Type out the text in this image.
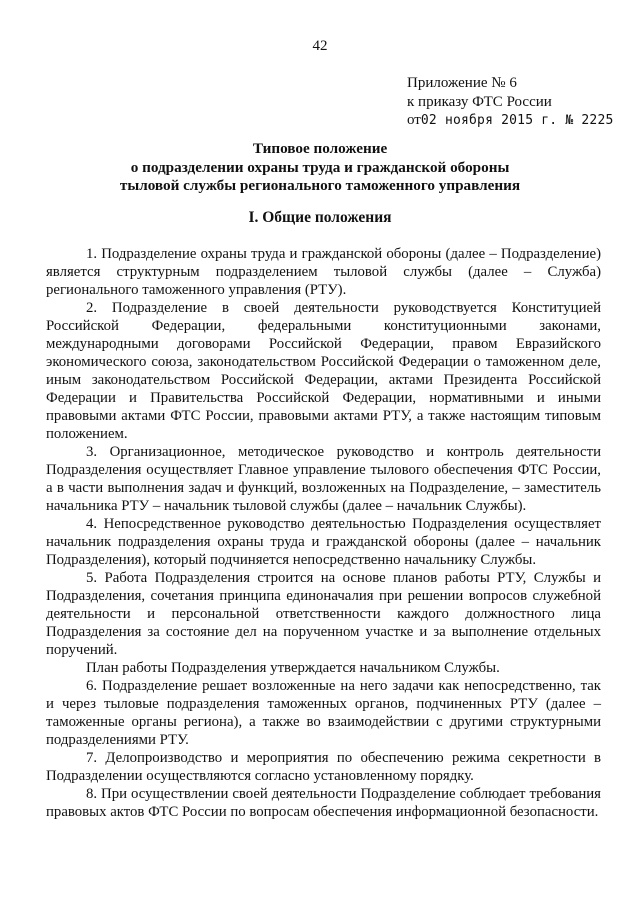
42
Приложение № 6
к приказу ФТС России
от02 ноября 2015 г. № 2225
Типовое положение
о подразделении охраны труда и гражданской обороны
тыловой службы регионального таможенного управления
I. Общие положения

1. Подразделение охраны труда и гражданской обороны (далее – Подразделение) является структурным подразделением тыловой службы (далее – Служба) регионального таможенного управления (РТУ).

2. Подразделение в своей деятельности руководствуется Конституцией Российской Федерации, федеральными конституционными законами, международными договорами Российской Федерации, правом Евразийского экономического союза, законодательством Российской Федерации о таможенном деле, иным законодательством Российской Федерации, актами Президента Российской Федерации и Правительства Российской Федерации, нормативными и иными правовыми актами ФТС России, правовыми актами РТУ, а также настоящим типовым положением.

3. Организационное, методическое руководство и контроль деятельности Подразделения осуществляет Главное управление тылового обеспечения ФТС России, а в части выполнения задач и функций, возложенных на Подразделение, – заместитель начальника РТУ – начальник тыловой службы (далее – начальник Службы).

4. Непосредственное руководство деятельностью Подразделения осуществляет начальник подразделения охраны труда и гражданской обороны (далее – начальник Подразделения), который подчиняется непосредственно начальнику Службы.

5. Работа Подразделения строится на основе планов работы РТУ, Службы и Подразделения, сочетания принципа единоначалия при решении вопросов служебной деятельности и персональной ответственности каждого должностного лица Подразделения за состояние дел на порученном участке и за выполнение отдельных поручений.

План работы Подразделения утверждается начальником Службы.

6. Подразделение решает возложенные на него задачи как непосредственно, так и через тыловые подразделения таможенных органов, подчиненных РТУ (далее – таможенные органы региона), а также во взаимодействии с другими структурными подразделениями РТУ.

7. Делопроизводство и мероприятия по обеспечению режима секретности в Подразделении осуществляются согласно установленному порядку.

8. При осуществлении своей деятельности Подразделение соблюдает требования правовых актов ФТС России по вопросам обеспечения информационной безопасности.
